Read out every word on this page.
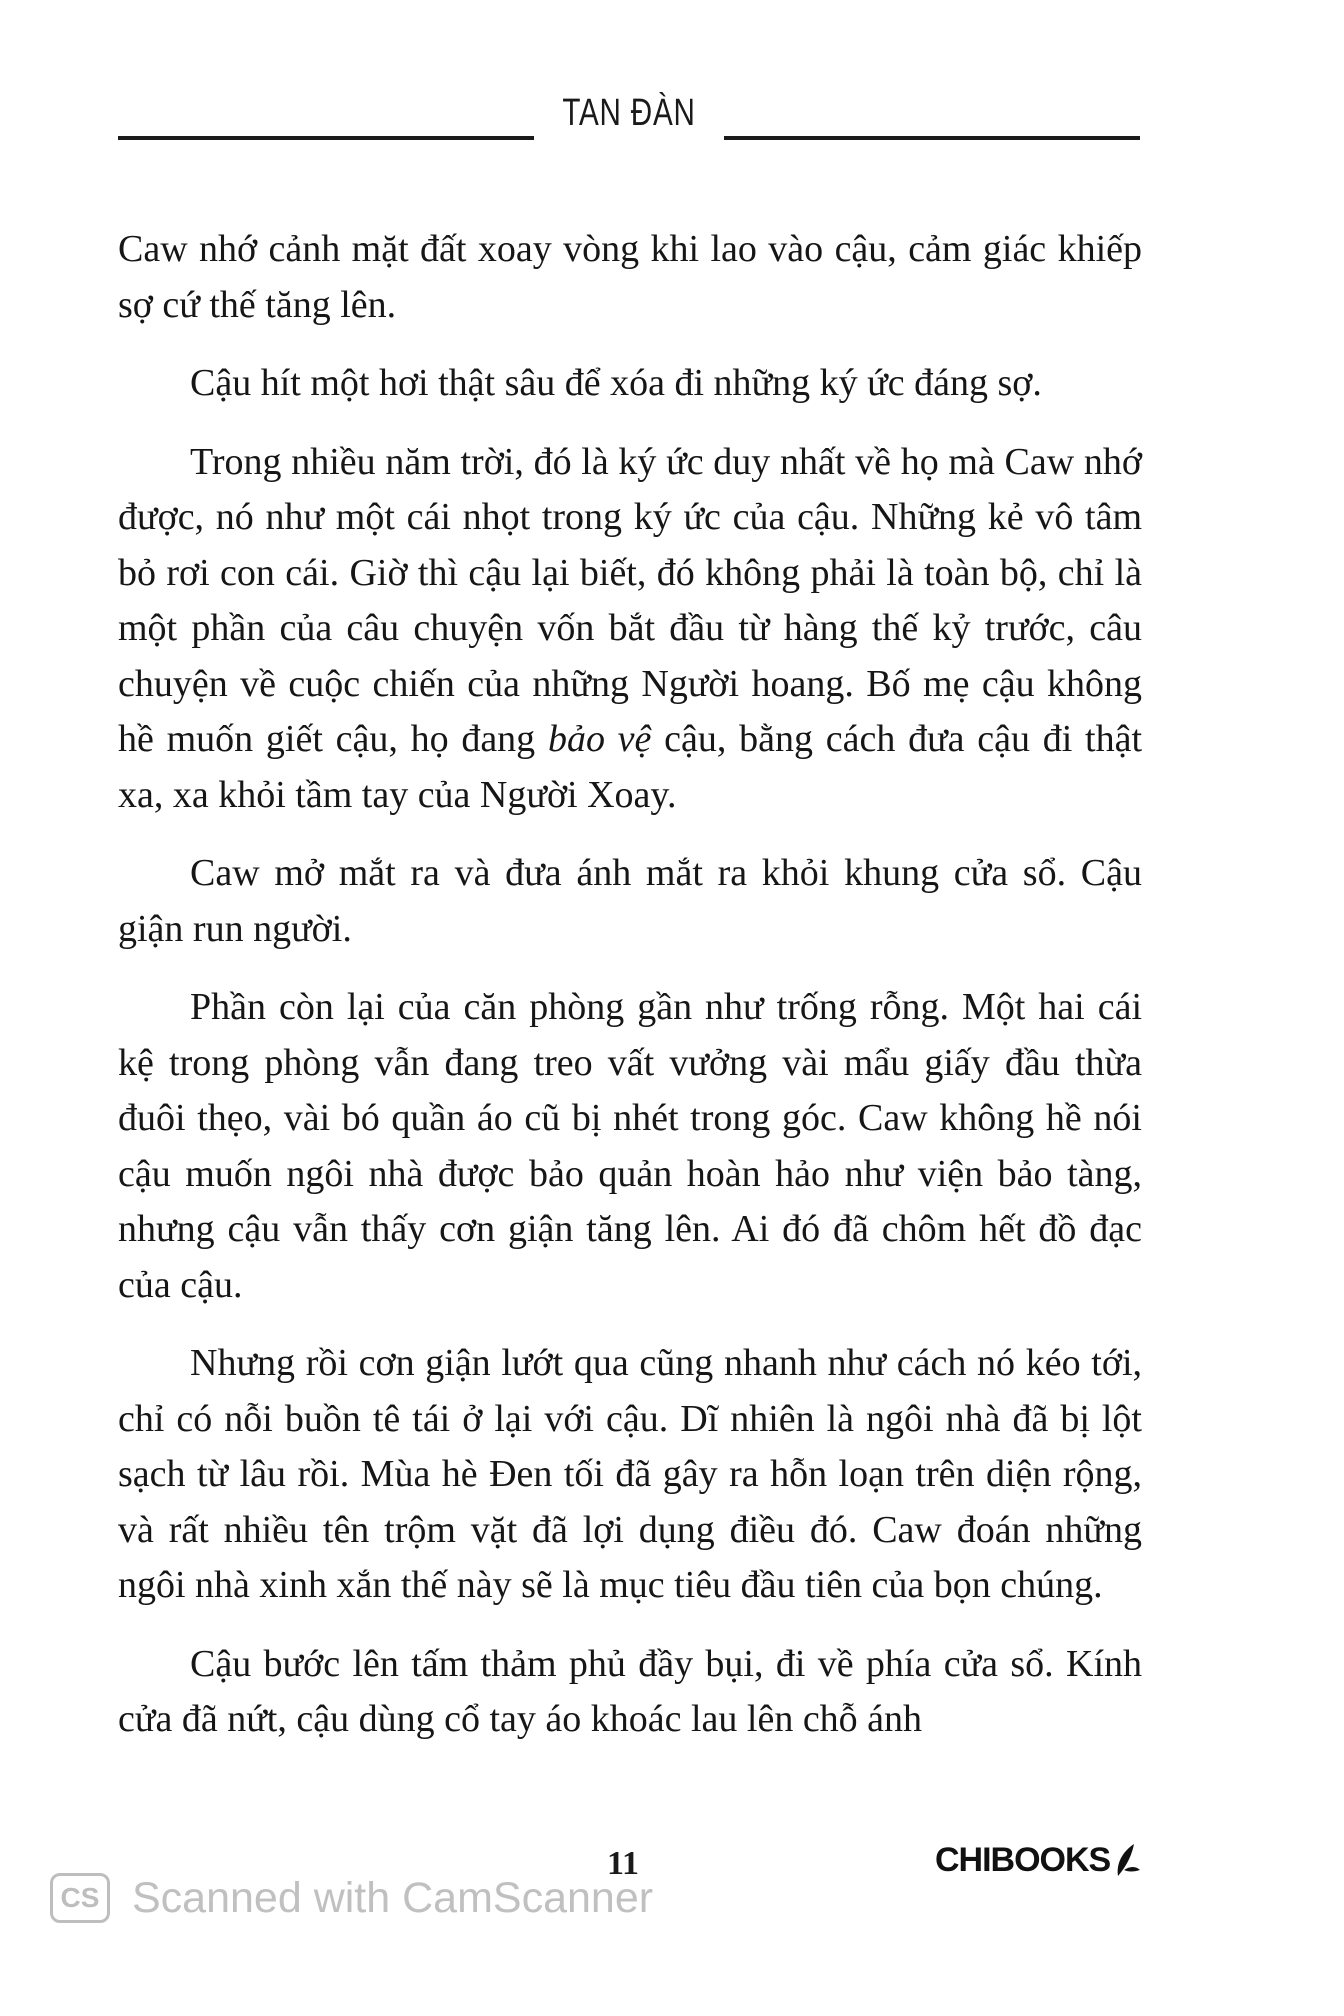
TAN ĐÀN

Caw nhớ cảnh mặt đất xoay vòng khi lao vào cậu, cảm giác khiếp sợ cứ thế tăng lên.

Cậu hít một hơi thật sâu để xóa đi những ký ức đáng sợ.

Trong nhiều năm trời, đó là ký ức duy nhất về họ mà Caw nhớ được, nó như một cái nhọt trong ký ức của cậu. Những kẻ vô tâm bỏ rơi con cái. Giờ thì cậu lại biết, đó không phải là toàn bộ, chỉ là một phần của câu chuyện vốn bắt đầu từ hàng thế kỷ trước, câu chuyện về cuộc chiến của những Người hoang. Bố mẹ cậu không hề muốn giết cậu, họ đang bảo vệ cậu, bằng cách đưa cậu đi thật xa, xa khỏi tầm tay của Người Xoay.

Caw mở mắt ra và đưa ánh mắt ra khỏi khung cửa sổ. Cậu giận run người.

Phần còn lại của căn phòng gần như trống rỗng. Một hai cái kệ trong phòng vẫn đang treo vất vưởng vài mẩu giấy đầu thừa đuôi thẹo, vài bó quần áo cũ bị nhét trong góc. Caw không hề nói cậu muốn ngôi nhà được bảo quản hoàn hảo như viện bảo tàng, nhưng cậu vẫn thấy cơn giận tăng lên. Ai đó đã chôm hết đồ đạc của cậu.

Nhưng rồi cơn giận lướt qua cũng nhanh như cách nó kéo tới, chỉ có nỗi buồn tê tái ở lại với cậu. Dĩ nhiên là ngôi nhà đã bị lột sạch từ lâu rồi. Mùa hè Đen tối đã gây ra hỗn loạn trên diện rộng, và rất nhiều tên trộm vặt đã lợi dụng điều đó. Caw đoán những ngôi nhà xinh xắn thế này sẽ là mục tiêu đầu tiên của bọn chúng.

Cậu bước lên tấm thảm phủ đầy bụi, đi về phía cửa sổ. Kính cửa đã nứt, cậu dùng cổ tay áo khoác lau lên chỗ ánh

11	CHIBOOKS
CS Scanned with CamScanner
